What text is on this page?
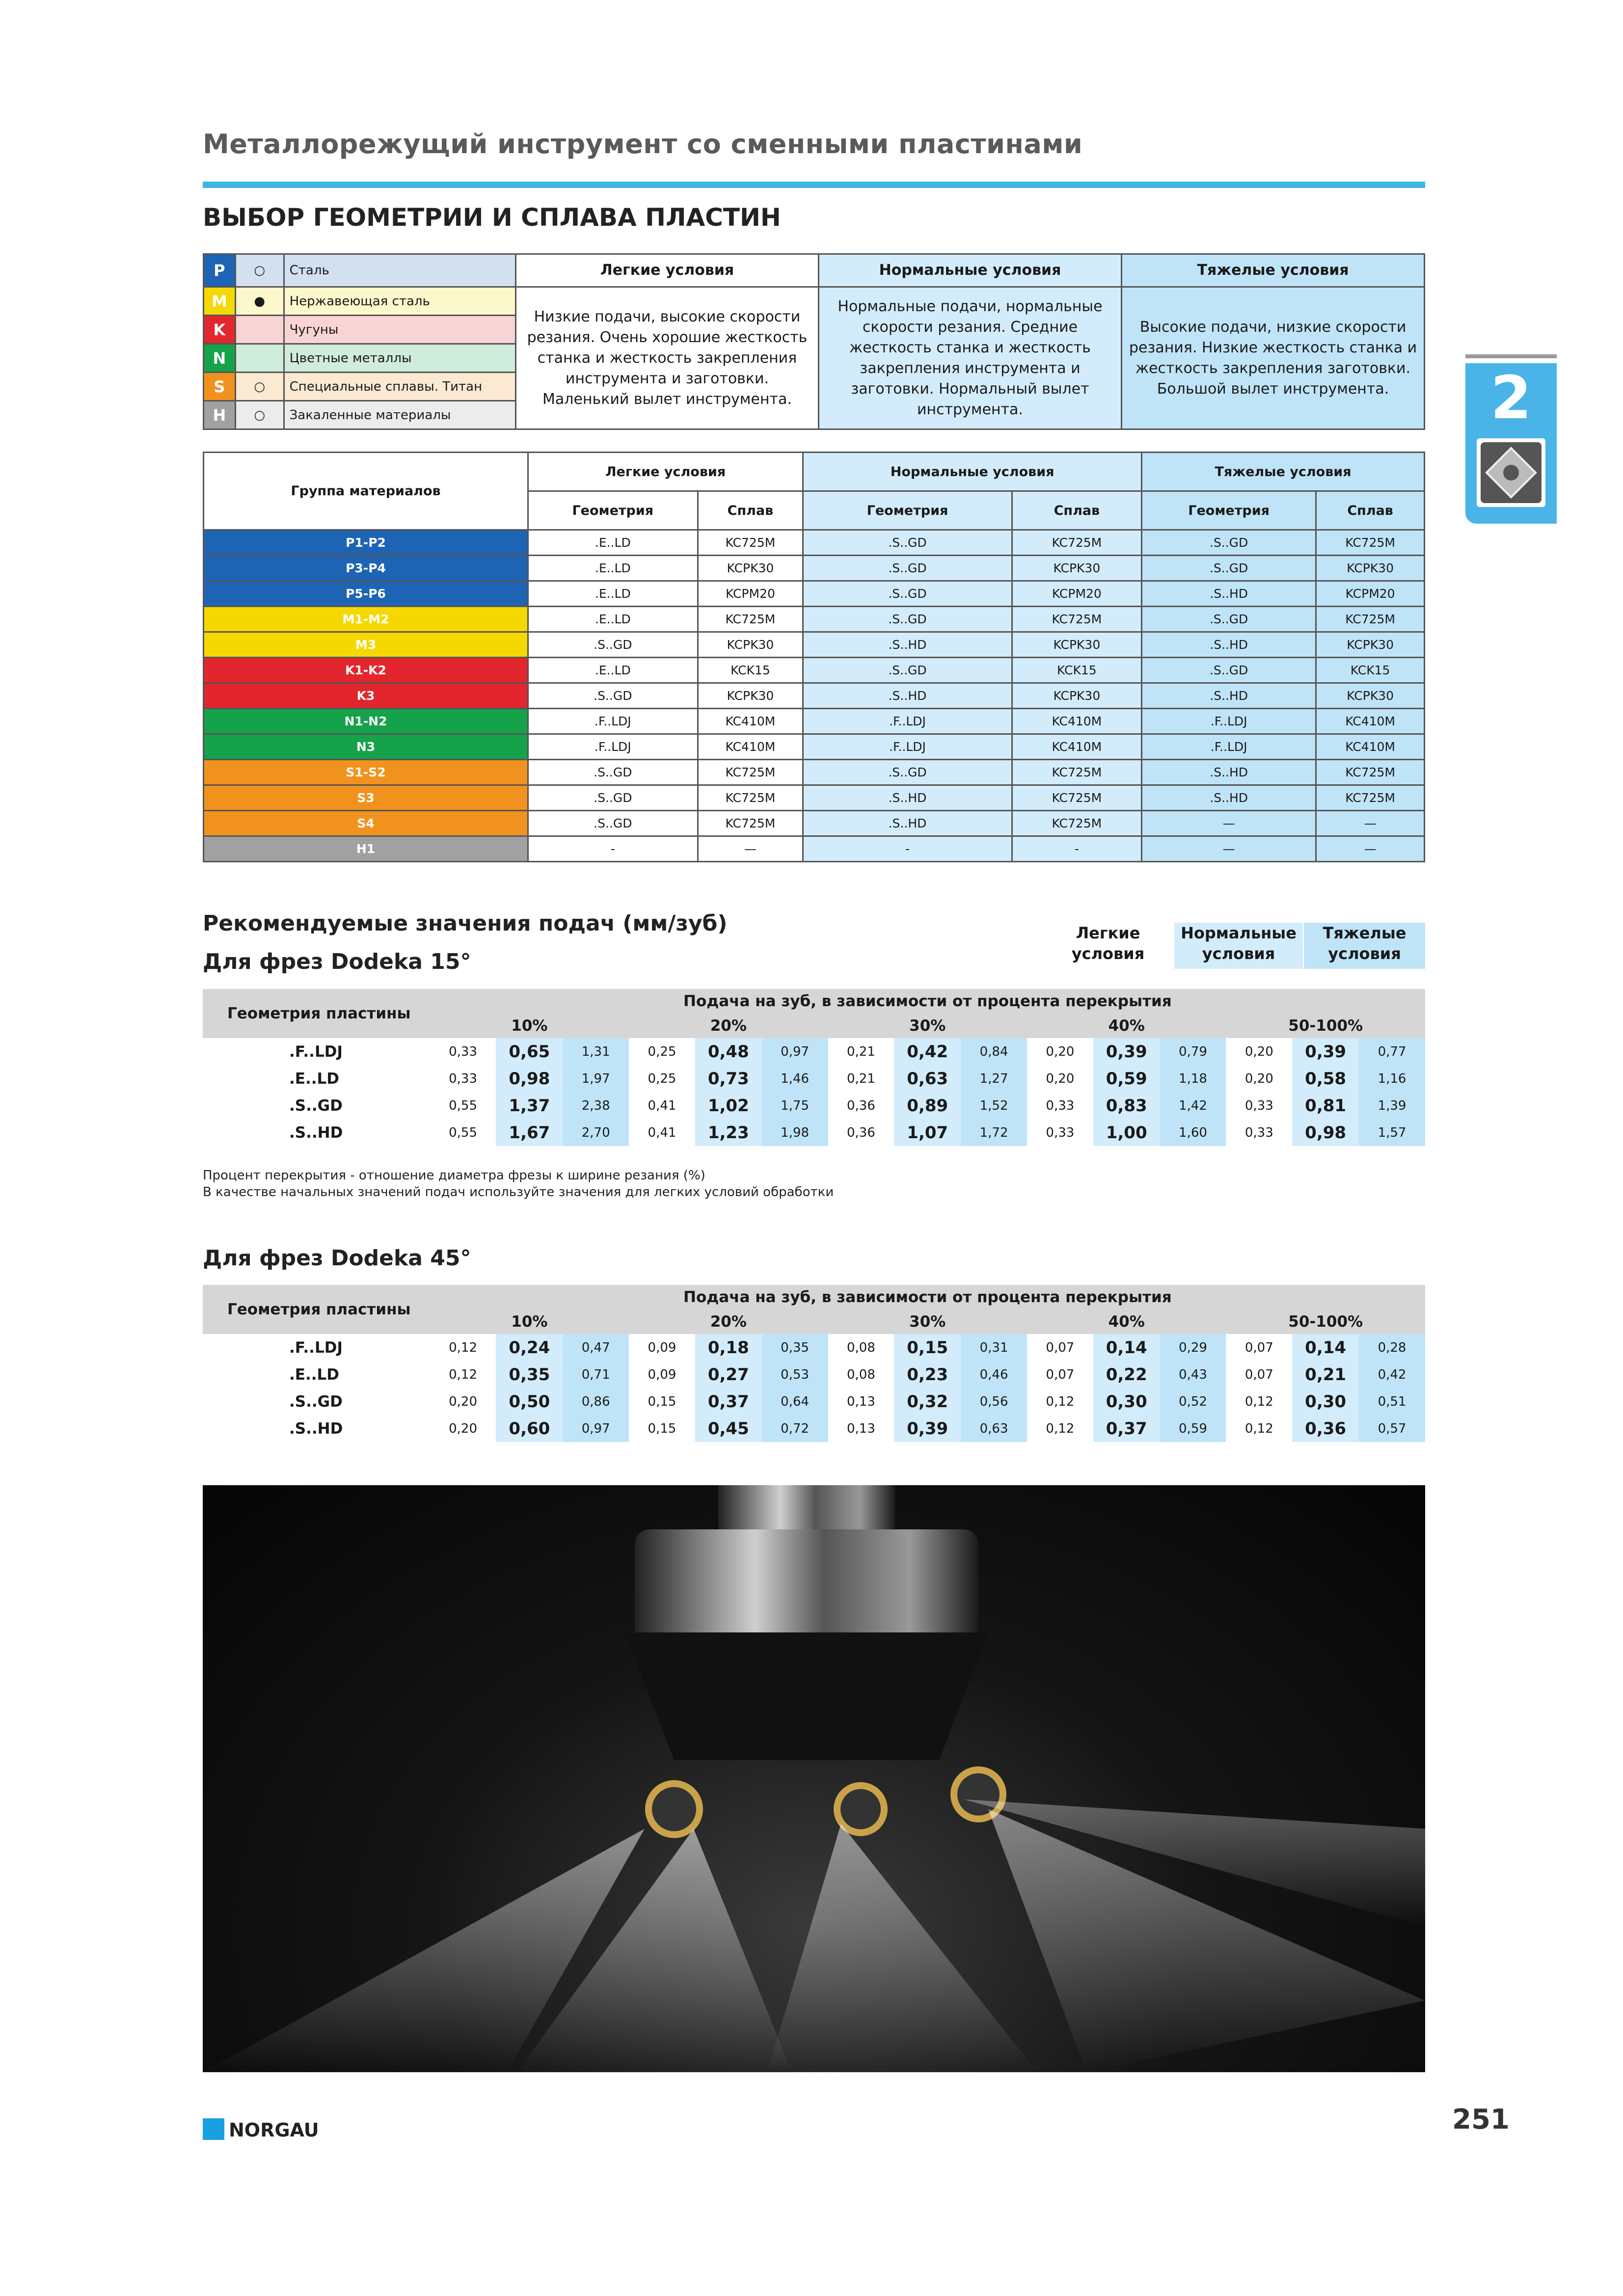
Металлорежущий инструмент со сменными пластинами
ВЫБОР ГЕОМЕТРИИ И СПЛАВА ПЛАСТИН
2
P	○	Сталь	Легкие условия	Нормальные условия	Тяжелые условия
M	●	Нержавеющая сталь	Низкие подачи, высокие скорости резания. Очень хорошие жесткость станка и жесткость закрепления инструмента и заготовки. Маленький вылет инструмента.	Нормальные подачи, нормальные скорости резания. Средние жесткость станка и жесткость закрепления инструмента и заготовки. Нормальный вылет инструмента.	Высокие подачи, низкие скорости резания. Низкие жесткость станка и жесткость закрепления заготовки. Большой вылет инструмента.
K		Чугуны			
N		Цветные металлы			
S	○	Специальные сплавы. Титан			
H	○	Закаленные материалы			
Группа материалов	Легкие условия		Нормальные условия		Тяжелые условия	
	Геометрия	Сплав	Геометрия	Сплав	Геометрия	Сплав
P1-P2	.E..LD	KC725M	.S..GD	KC725M	.S..GD	KC725M
P3-P4	.E..LD	KCPK30	.S..GD	KCPK30	.S..GD	KCPK30
P5-P6	.E..LD	KCPM20	.S..GD	KCPM20	.S..HD	KCPM20
M1-M2	.E..LD	KC725M	.S..GD	KC725M	.S..GD	KC725M
M3	.S..GD	KCPK30	.S..HD	KCPK30	.S..HD	KCPK30
K1-K2	.E..LD	KCK15	.S..GD	KCK15	.S..GD	KCK15
K3	.S..GD	KCPK30	.S..HD	KCPK30	.S..HD	KCPK30
N1-N2	.F..LDJ	KC410M	.F..LDJ	KC410M	.F..LDJ	KC410M
N3	.F..LDJ	KC410M	.F..LDJ	KC410M	.F..LDJ	KC410M
S1-S2	.S..GD	KC725M	.S..GD	KC725M	.S..HD	KC725M
S3	.S..GD	KC725M	.S..HD	KC725M	.S..HD	KC725M
S4	.S..GD	KC725M	.S..HD	KC725M	—	—
H1	-	—	-	-	—	—
Рекомендуемые значения подач (мм/зуб)
Для фрез Dodeka 15°
Легкие условия
Нормальные условия
Тяжелые условия
Геометрия пластины	Подача на зуб, в зависимости от процента перекрытия														
	10%			20%			30%			40%			50-100%		
.F..LDJ	0,33	0,65	1,31	0,25	0,48	0,97	0,21	0,42	0,84	0,20	0,39	0,79	0,20	0,39	0,77
.E..LD	0,33	0,98	1,97	0,25	0,73	1,46	0,21	0,63	1,27	0,20	0,59	1,18	0,20	0,58	1,16
.S..GD	0,55	1,37	2,38	0,41	1,02	1,75	0,36	0,89	1,52	0,33	0,83	1,42	0,33	0,81	1,39
.S..HD	0,55	1,67	2,70	0,41	1,23	1,98	0,36	1,07	1,72	0,33	1,00	1,60	0,33	0,98	1,57
Процент перекрытия - отношение диаметра фрезы к ширине резания (%)
В качестве начальных значений подач используйте значения для легких условий обработки
Для фрез Dodeka 45°
Геометрия пластины	Подача на зуб, в зависимости от процента перекрытия														
	10%			20%			30%			40%			50-100%		
.F..LDJ	0,12	0,24	0,47	0,09	0,18	0,35	0,08	0,15	0,31	0,07	0,14	0,29	0,07	0,14	0,28
.E..LD	0,12	0,35	0,71	0,09	0,27	0,53	0,08	0,23	0,46	0,07	0,22	0,43	0,07	0,21	0,42
.S..GD	0,20	0,50	0,86	0,15	0,37	0,64	0,13	0,32	0,56	0,12	0,30	0,52	0,12	0,30	0,51
.S..HD	0,20	0,60	0,97	0,15	0,45	0,72	0,13	0,39	0,63	0,12	0,37	0,59	0,12	0,36	0,57
NORGAU	251
